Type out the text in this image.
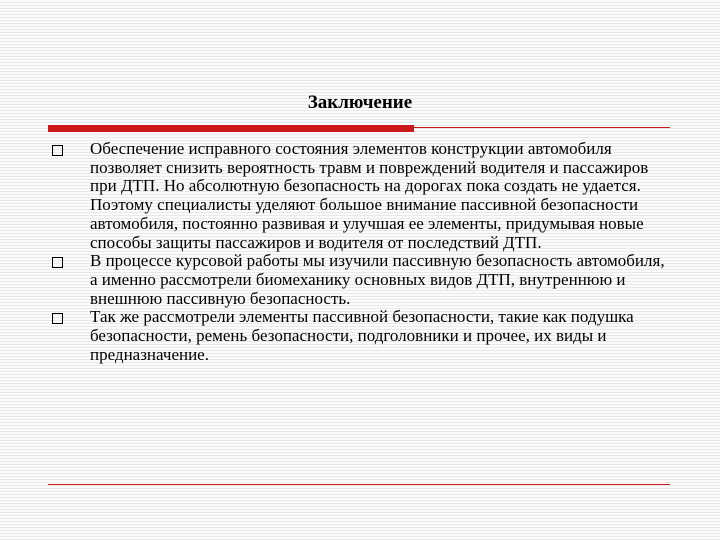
Заключение
Обеспечение исправного состояния элементов конструкции автомобиля позволяет снизить вероятность травм и повреждений водителя и пассажиров при ДТП. Но абсолютную безопасность на дорогах пока создать не удается. Поэтому специалисты уделяют большое внимание пассивной безопасности автомобиля, постоянно развивая и улучшая ее элементы, придумывая новые способы защиты пассажиров и водителя от последствий ДТП.
В процессе курсовой работы мы изучили пассивную безопасность автомобиля, а именно рассмотрели биомеханику основных видов ДТП, внутреннюю и внешнюю пассивную безопасность.
Так же рассмотрели элементы пассивной безопасности, такие как подушка безопасности, ремень безопасности, подголовники и прочее, их виды и предназначение.
